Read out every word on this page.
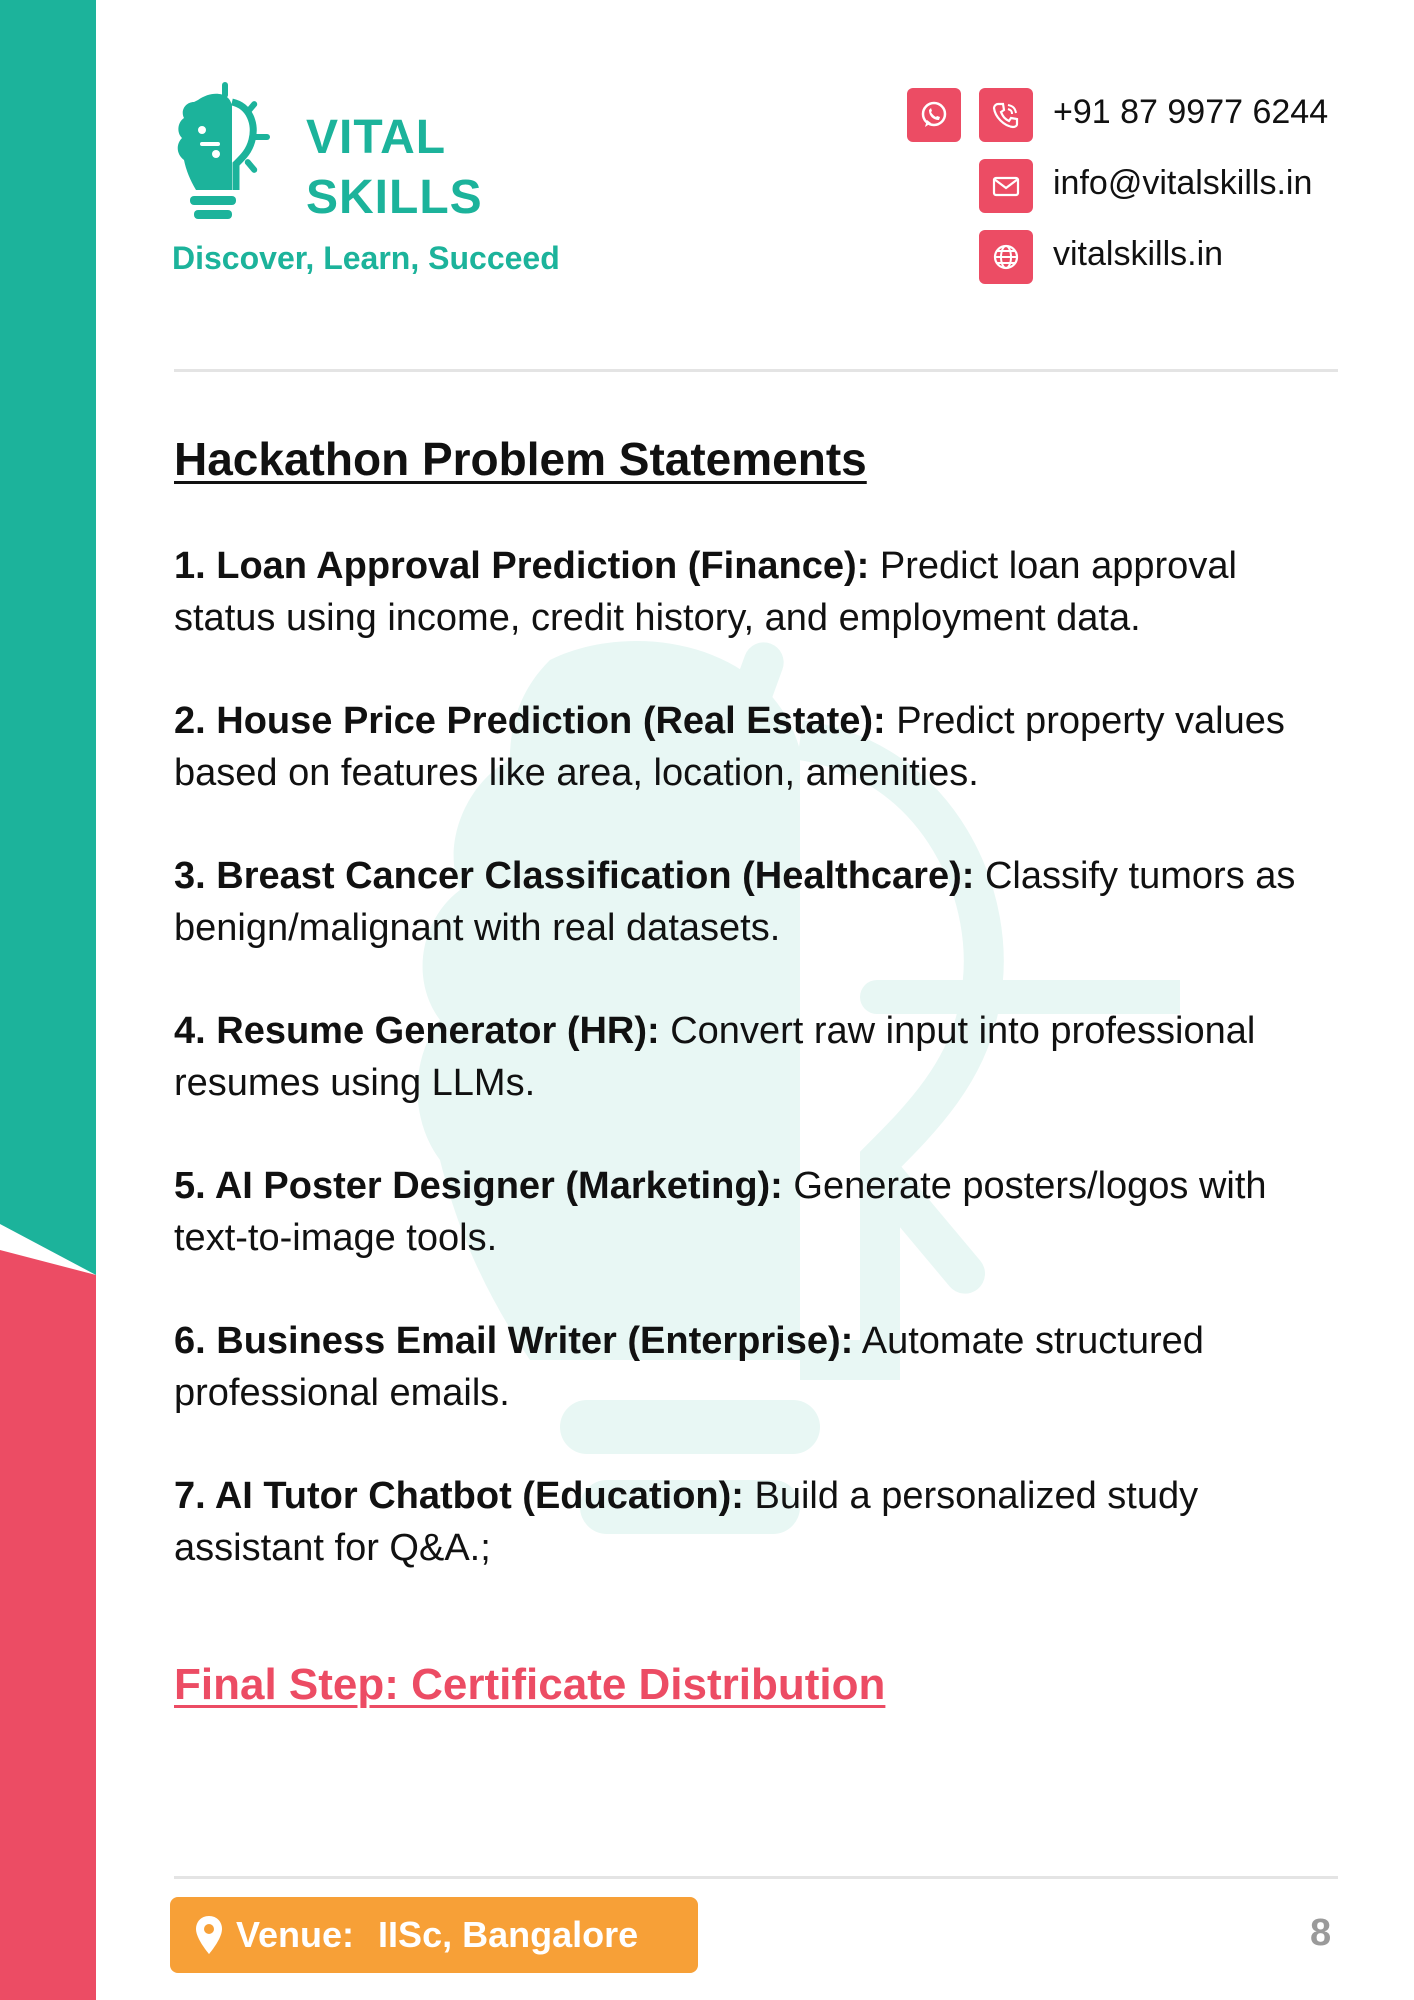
VITAL
SKILLS
Discover, Learn, Succeed
+91 87 9977 6244
info@vitalskills.in
vitalskills.in
Hackathon Problem Statements

1. Loan Approval Prediction (Finance): Predict loan approval status using income, credit history, and employment data.

2. House Price Prediction (Real Estate): Predict property values based on features like area, location, amenities.

3. Breast Cancer Classification (Healthcare): Classify tumors as benign/malignant with real datasets.

4. Resume Generator (HR): Convert raw input into professional resumes using LLMs.

5. AI Poster Designer (Marketing): Generate posters/logos with text-to-image tools.

6. Business Email Writer (Enterprise): Automate structured professional emails.

7. AI Tutor Chatbot (Education): Build a personalized study assistant for Q&A.;

Final Step: Certificate Distribution
Venue: IISc, Bangalore	8
